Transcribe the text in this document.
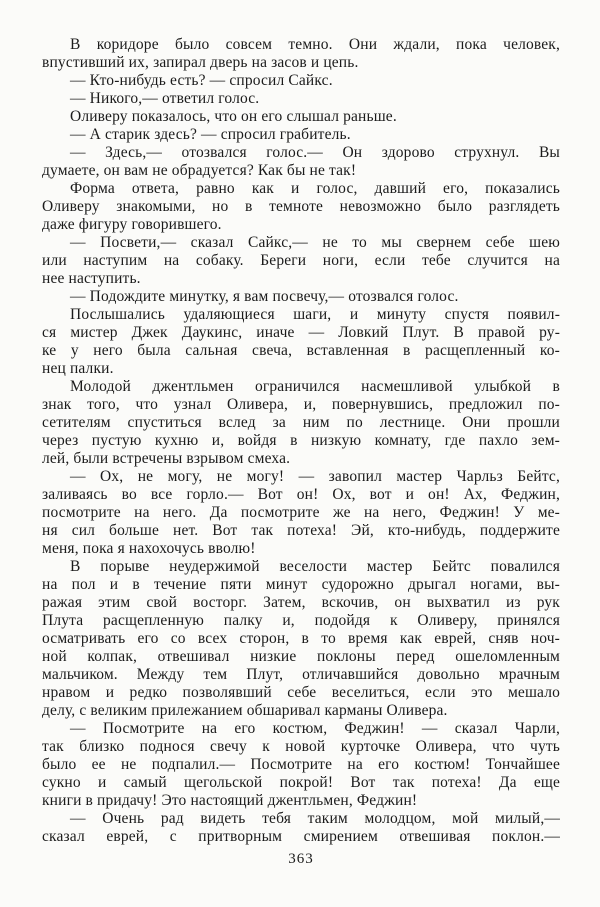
В коридоре было совсем темно. Они ждали, пока человек,
впустивший их, запирал дверь на засов и цепь.
— Кто-нибудь есть? — спросил Сайкс.
— Никого,— ответил голос.
Оливеру показалось, что он его слышал раньше.
— А старик здесь? — спросил грабитель.
— Здесь,— отозвался голос.— Он здорово струхнул. Вы
думаете, он вам не обрадуется? Как бы не так!
Форма ответа, равно как и голос, давший его, показались
Оливеру знакомыми, но в темноте невозможно было разглядеть
даже фигуру говорившего.
— Посвети,— сказал Сайкс,— не то мы свернем себе шею
или наступим на собаку. Береги ноги, если тебе случится на
нее наступить.
— Подождите минутку, я вам посвечу,— отозвался голос.
Послышались удаляющиеся шаги, и минуту спустя появил-
ся мистер Джек Даукинс, иначе — Ловкий Плут. В правой ру-
ке у него была сальная свеча, вставленная в расщепленный ко-
нец палки.
Молодой джентльмен ограничился насмешливой улыбкой в
знак того, что узнал Оливера, и, повернувшись, предложил по-
сетителям спуститься вслед за ним по лестнице. Они прошли
через пустую кухню и, войдя в низкую комнату, где пахло зем-
лей, были встречены взрывом смеха.
— Ох, не могу, не могу! — завопил мастер Чарльз Бейтс,
заливаясь во все горло.— Вот он! Ох, вот и он! Ах, Феджин,
посмотрите на него. Да посмотрите же на него, Феджин! У ме-
ня сил больше нет. Вот так потеха! Эй, кто-нибудь, поддержите
меня, пока я нахохочусь вволю!
В порыве неудержимой веселости мастер Бейтс повалился
на пол и в течение пяти минут судорожно дрыгал ногами, вы-
ражая этим свой восторг. Затем, вскочив, он выхватил из рук
Плута расщепленную палку и, подойдя к Оливеру, принялся
осматривать его со всех сторон, в то время как еврей, сняв ноч-
ной колпак, отвешивал низкие поклоны перед ошеломленным
мальчиком. Между тем Плут, отличавшийся довольно мрачным
нравом и редко позволявший себе веселиться, если это мешало
делу, с великим прилежанием обшаривал карманы Оливера.
— Посмотрите на его костюм, Феджин! — сказал Чарли,
так близко поднося свечу к новой курточке Оливера, что чуть
было ее не подпалил.— Посмотрите на его костюм! Тончайшее
сукно и самый щегольской покрой! Вот так потеха! Да еще
книги в придачу! Это настоящий джентльмен, Феджин!
— Очень рад видеть тебя таким молодцом, мой милый,—
сказал еврей, с притворным смирением отвешивая поклон.—
363
